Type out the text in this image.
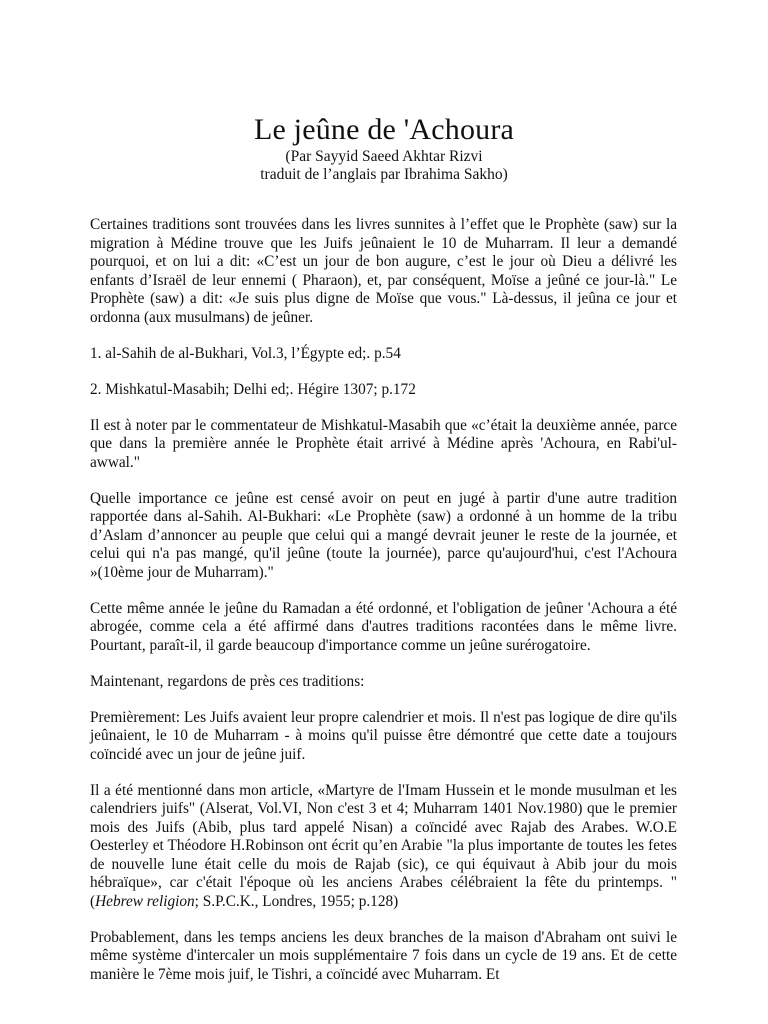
Le jeûne de 'Achoura

(Par Sayyid Saeed Akhtar Rizvi

traduit de l’anglais par Ibrahima Sakho)

Certaines traditions sont trouvées dans les livres sunnites à l’effet que le Prophète (saw) sur la migration à Médine trouve que les Juifs jeûnaient le 10 de Muharram. Il leur a demandé pourquoi, et on lui a dit: «C’est un jour de bon augure, c’est le jour où Dieu a délivré les enfants d’Israël de leur ennemi ( Pharaon), et, par conséquent, Moïse a jeûné ce jour-là." Le Prophète (saw) a dit: «Je suis plus digne de Moïse que vous." Là-dessus, il jeûna ce jour et ordonna (aux musulmans) de jeûner.

1. al-Sahih de al-Bukhari, Vol.3, l’Égypte ed;. p.54

2. Mishkatul-Masabih; Delhi ed;. Hégire 1307; p.172

Il est à noter par le commentateur de Mishkatul-Masabih que «c’était la deuxième année, parce que dans la première année le Prophète était arrivé à Médine après 'Achoura, en Rabi'ul-awwal."

Quelle importance ce jeûne est censé avoir on peut en jugé à partir d'une autre tradition rapportée dans al-Sahih. Al-Bukhari: «Le Prophète (saw) a ordonné à un homme de la tribu d’Aslam d’annoncer au peuple que celui qui a mangé devrait jeuner le reste de la journée, et celui qui n'a pas mangé, qu'il jeûne (toute la journée), parce qu'aujourd'hui, c'est l'Achoura »(10ème jour de Muharram)."

Cette même année le jeûne du Ramadan a été ordonné, et l'obligation de jeûner 'Achoura a été abrogée, comme cela a été affirmé dans d'autres traditions racontées dans le même livre. Pourtant, paraît-il, il garde beaucoup d'importance comme un jeûne surérogatoire.

Maintenant, regardons de près ces traditions:

Premièrement: Les Juifs avaient leur propre calendrier et mois. Il n'est pas logique de dire qu'ils jeûnaient, le 10 de Muharram - à moins qu'il puisse être démontré que cette date a toujours coïncidé avec un jour de jeûne juif.

Il a été mentionné dans mon article, «Martyre de l'Imam Hussein et le monde musulman et les calendriers juifs" (Alserat, Vol.VI, Non c'est 3 et 4; Muharram 1401 Nov.1980) que le premier mois des Juifs (Abib, plus tard appelé Nisan) a coïncidé avec Rajab des Arabes. W.O.E Oesterley et Théodore H.Robinson ont écrit qu’en Arabie "la plus importante de toutes les fetes de nouvelle lune était celle du mois de Rajab (sic), ce qui équivaut à Abib jour du mois hébraïque», car c'était l'époque où les anciens Arabes célébraient la fête du printemps. " (Hebrew religion; S.P.C.K., Londres, 1955; p.128)

Probablement, dans les temps anciens les deux branches de la maison d'Abraham ont suivi le même système d'intercaler un mois supplémentaire 7 fois dans un cycle de 19 ans. Et de cette manière le 7ème mois juif, le Tishri, a coïncidé avec Muharram. Et
